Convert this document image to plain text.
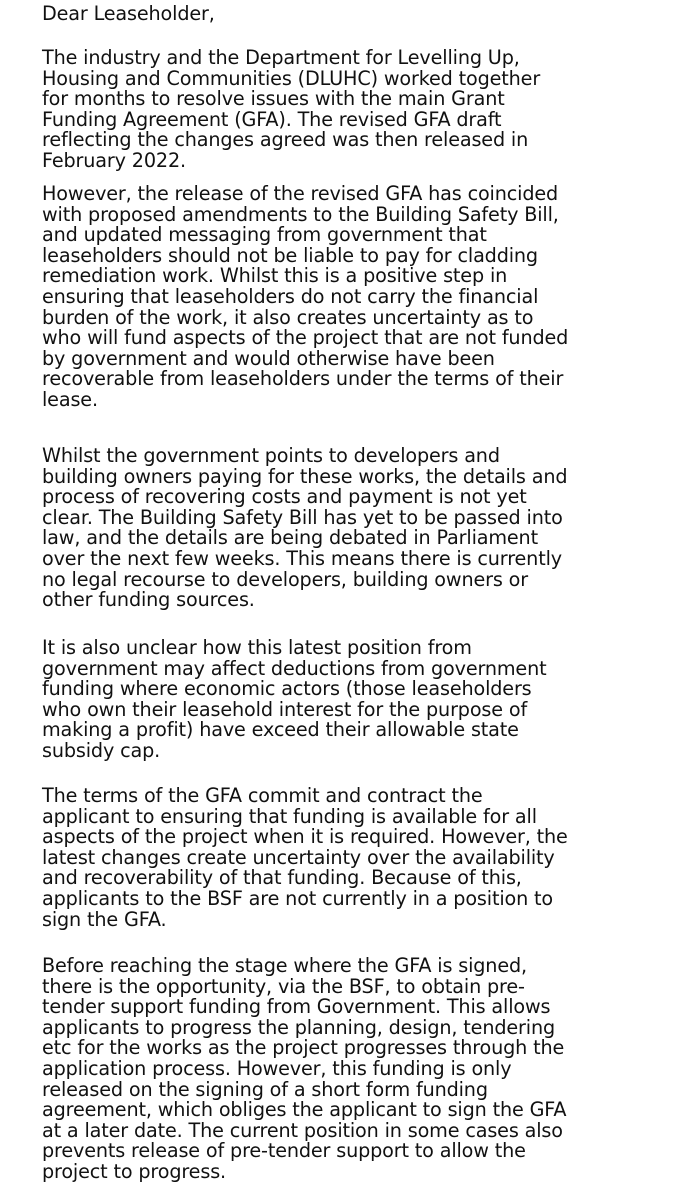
Dear Leaseholder,

The industry and the Department for Levelling Up,
Housing and Communities (DLUHC) worked together
for months to resolve issues with the main Grant
Funding Agreement (GFA). The revised GFA draft
reflecting the changes agreed was then released in
February 2022.
However, the release of the revised GFA has coincided
with proposed amendments to the Building Safety Bill,
and updated messaging from government that
leaseholders should not be liable to pay for cladding
remediation work. Whilst this is a positive step in
ensuring that leaseholders do not carry the financial
burden of the work, it also creates uncertainty as to
who will fund aspects of the project that are not funded
by government and would otherwise have been
recoverable from leaseholders under the terms of their
lease.
Whilst the government points to developers and
building owners paying for these works, the details and
process of recovering costs and payment is not yet
clear. The Building Safety Bill has yet to be passed into
law, and the details are being debated in Parliament
over the next few weeks. This means there is currently
no legal recourse to developers, building owners or
other funding sources.
It is also unclear how this latest position from
government may affect deductions from government
funding where economic actors (those leaseholders
who own their leasehold interest for the purpose of
making a profit) have exceed their allowable state
subsidy cap.
The terms of the GFA commit and contract the
applicant to ensuring that funding is available for all
aspects of the project when it is required. However, the
latest changes create uncertainty over the availability
and recoverability of that funding. Because of this,
applicants to the BSF are not currently in a position to
sign the GFA.
Before reaching the stage where the GFA is signed,
there is the opportunity, via the BSF, to obtain pre-
tender support funding from Government. This allows
applicants to progress the planning, design, tendering
etc for the works as the project progresses through the
application process. However, this funding is only
released on the signing of a short form funding
agreement, which obliges the applicant to sign the GFA
at a later date. The current position in some cases also
prevents release of pre-tender support to allow the
project to progress.
